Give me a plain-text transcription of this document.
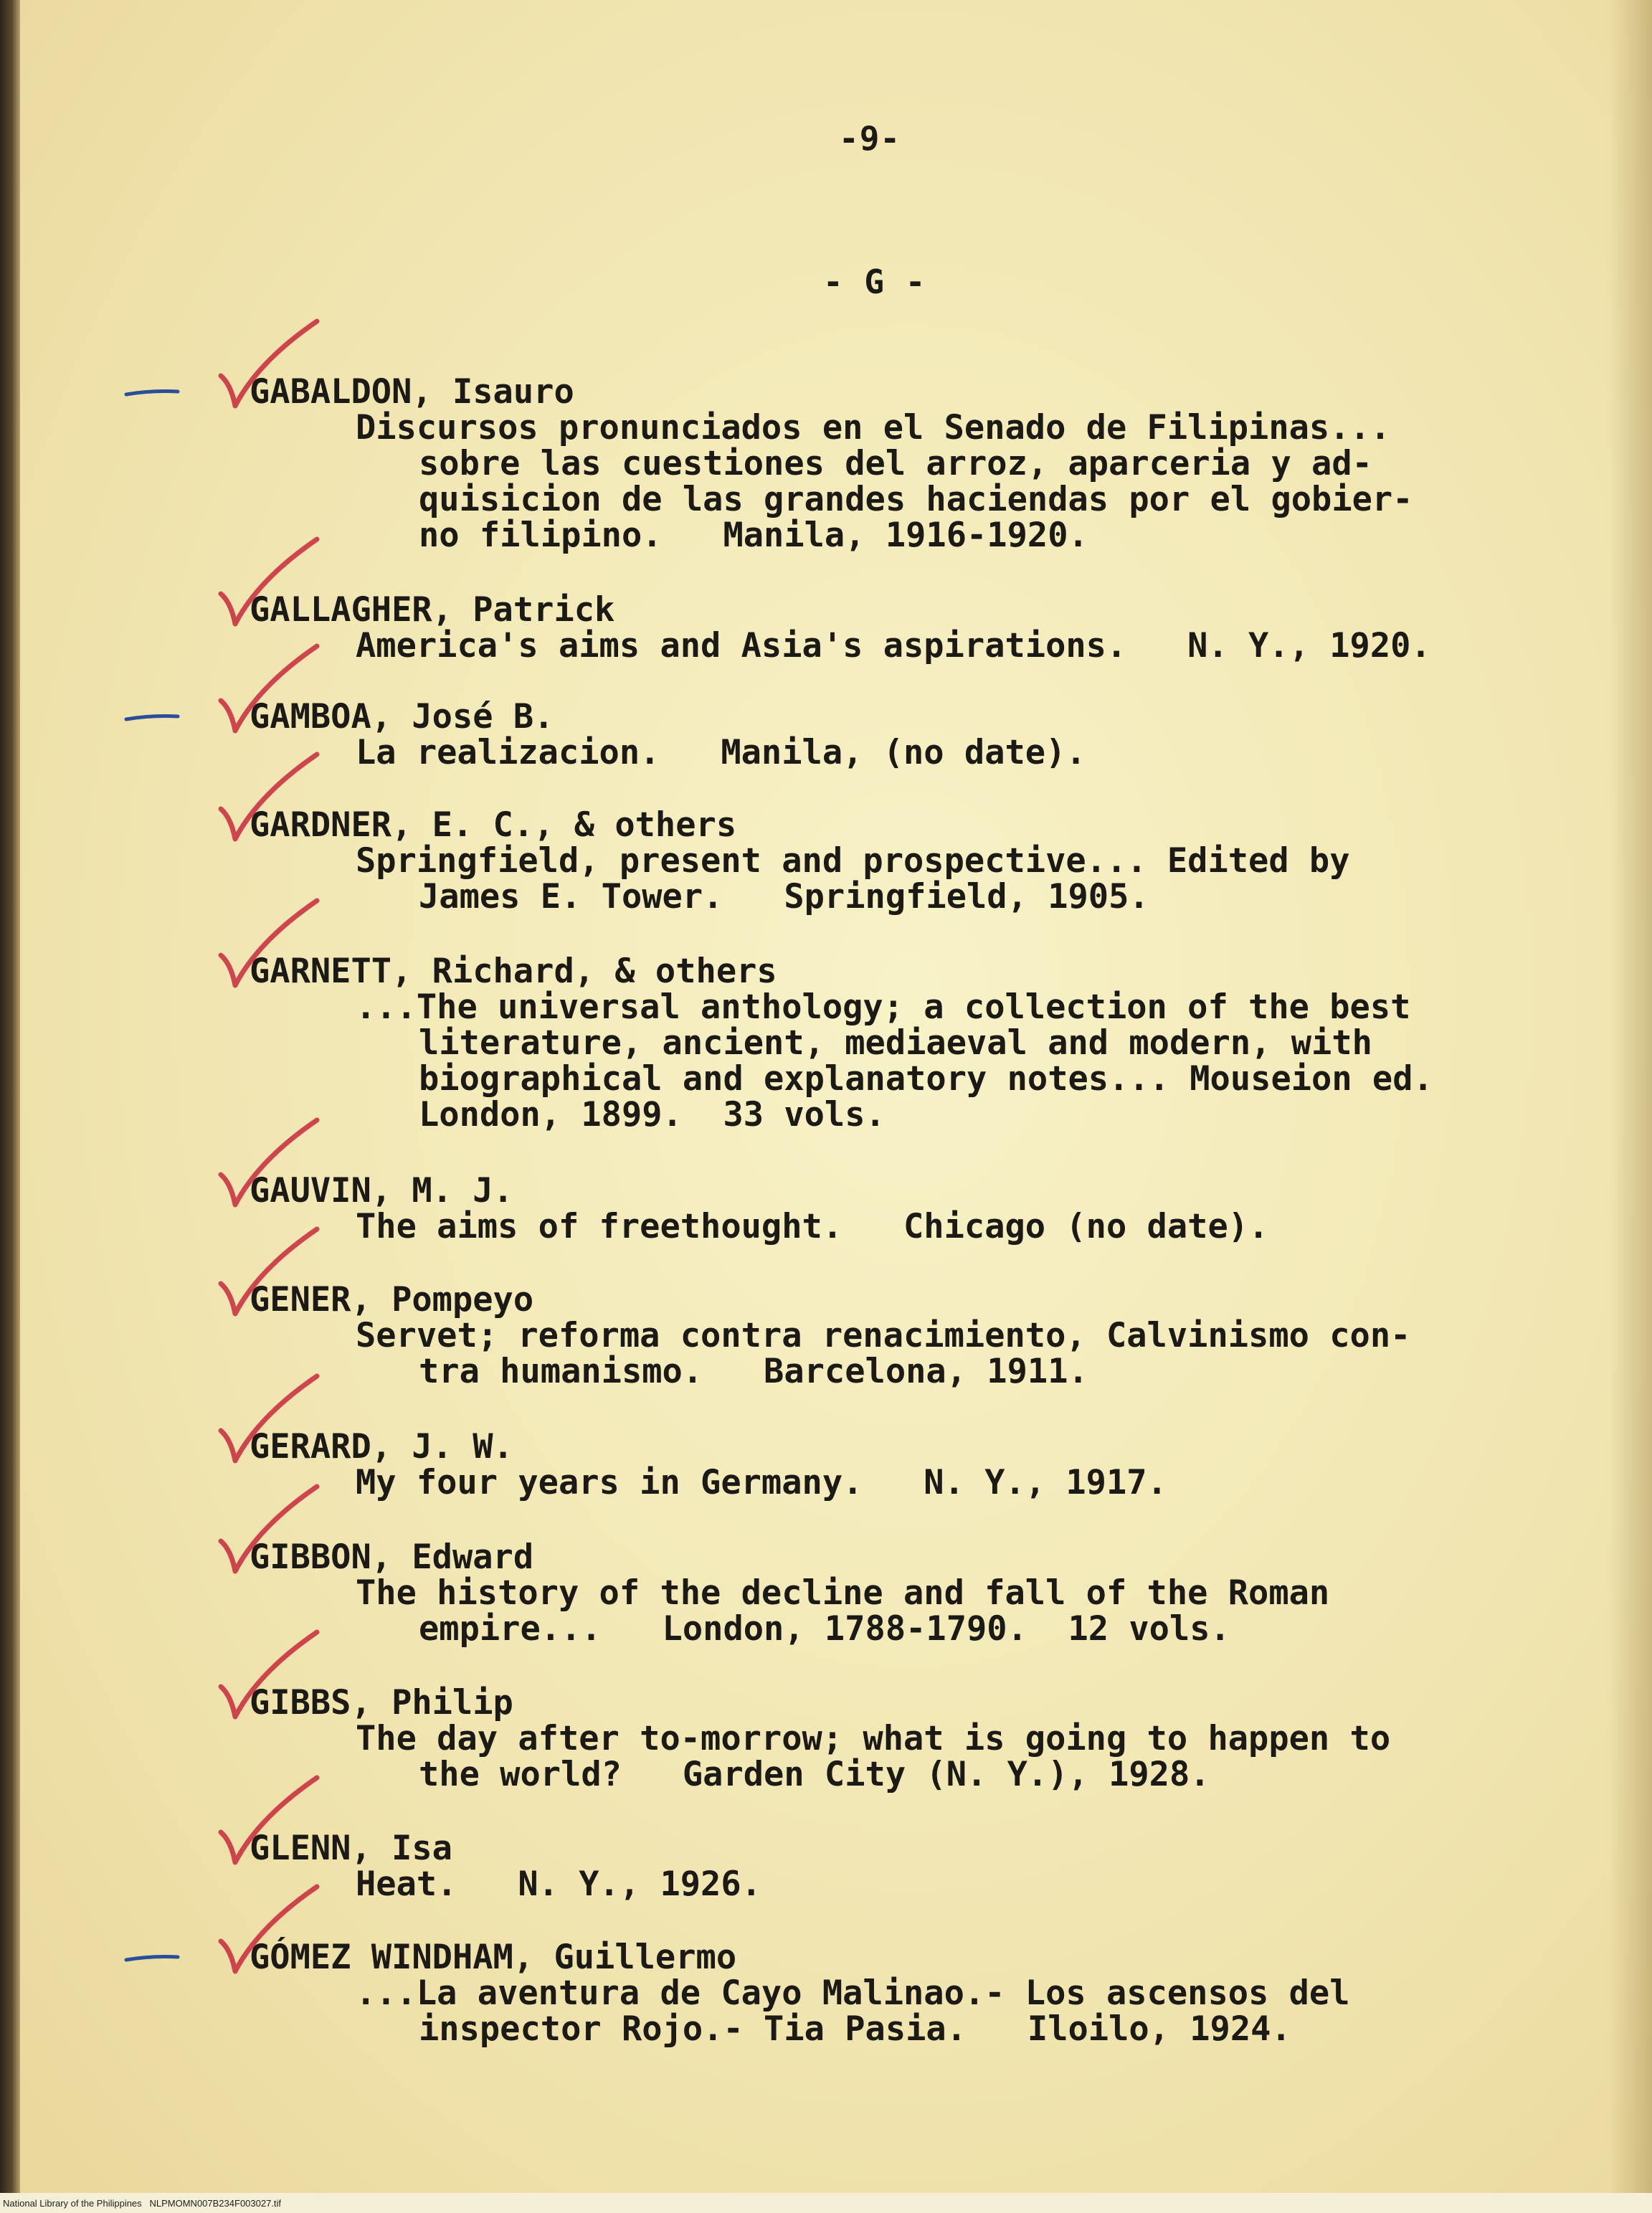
-9-
- G -
GABALDON, Isauro
Discursos pronunciados en el Senado de Filipinas...
sobre las cuestiones del arroz, aparceria y ad-
quisicion de las grandes haciendas por el gobier-
no filipino.   Manila, 1916-1920.
GALLAGHER, Patrick
America's aims and Asia's aspirations.   N. Y., 1920.
GAMBOA, José B.
La realizacion.   Manila, (no date).
GARDNER, E. C., & others
Springfield, present and prospective... Edited by
James E. Tower.   Springfield, 1905.
GARNETT, Richard, & others
...The universal anthology; a collection of the best
literature, ancient, mediaeval and modern, with
biographical and explanatory notes... Mouseion ed.
London, 1899.  33 vols.
GAUVIN, M. J.
The aims of freethought.   Chicago (no date).
GENER, Pompeyo
Servet; reforma contra renacimiento, Calvinismo con-
tra humanismo.   Barcelona, 1911.
GERARD, J. W.
My four years in Germany.   N. Y., 1917.
GIBBON, Edward
The history of the decline and fall of the Roman
empire...   London, 1788-1790.  12 vols.
GIBBS, Philip
The day after to-morrow; what is going to happen to
the world?   Garden City (N. Y.), 1928.
GLENN, Isa
Heat.   N. Y., 1926.
GÓMEZ WINDHAM, Guillermo
...La aventura de Cayo Malinao.- Los ascensos del
inspector Rojo.- Tia Pasia.   Iloilo, 1924.
National Library of the Philippines   NLPMOMN007B234F003027.tif
